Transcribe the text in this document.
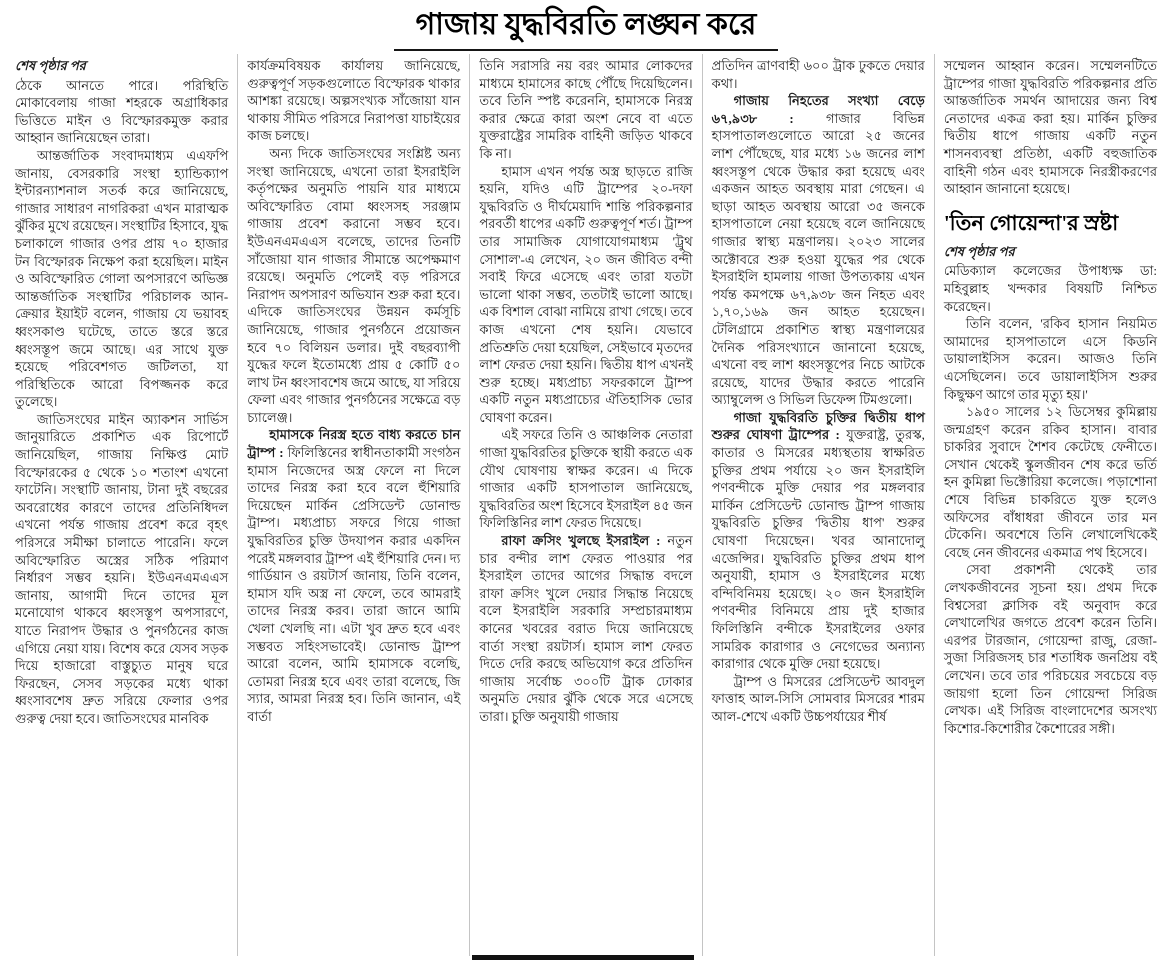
গাজায় যুদ্ধবিরতি লঙ্ঘন করে

শেষ পৃষ্ঠার পর

ঠেকে আনতে পারে। পরিস্থিতি মোকাবেলায় গাজা শহরকে অগ্রাধিকার ভিত্তিতে মাইন ও বিস্ফোরকমুক্ত করার আহ্বান জানিয়েছেন তারা।

আন্তর্জাতিক সংবাদমাধ্যম এএফপি জানায়, বেসরকারি সংস্থা হ্যান্ডিক্যাপ ইন্টারন্যাশনাল সতর্ক করে জানিয়েছে, গাজার সাধারণ নাগরিকরা এখন মারাত্মক ঝুঁকির মুখে রয়েছেন। সংস্থাটির হিসাবে, যুদ্ধ চলাকালে গাজার ওপর প্রায় ৭০ হাজার টন বিস্ফোরক নিক্ষেপ করা হয়েছিল। মাইন ও অবিস্ফোরিত গোলা অপসারণে অভিজ্ঞ আন্তর্জাতিক সংস্থাটির পরিচালক আন-ক্রেয়ার ইয়াইট বলেন, গাজায় যে ভয়াবহ ধ্বংসকাণ্ড ঘটেছে, তাতে স্তরে স্তরে ধ্বংসস্তূপ জমে আছে। এর সাথে যুক্ত হয়েছে পরিবেশগত জটিলতা, যা পরিস্থিতিকে আরো বিপজ্জনক করে তুলেছে।

জাতিসংঘের মাইন অ্যাকশন সার্ভিস জানুয়ারিতে প্রকাশিত এক রিপোর্টে জানিয়েছিল, গাজায় নিক্ষিপ্ত মোট বিস্ফোরকের ৫ থেকে ১০ শতাংশ এখনো ফাটেনি। সংস্থাটি জানায়, টানা দুই বছরের অবরোধের কারণে তাদের প্রতিনিধিদল এখনো পর্যন্ত গাজায় প্রবেশ করে বৃহৎ পরিসরে সমীক্ষা চালাতে পারেনি। ফলে অবিস্ফোরিত অস্ত্রের সঠিক পরিমাণ নির্ধারণ সম্ভব হয়নি। ইউএনএমএএস জানায়, আগামী দিনে তাদের মূল মনোযোগ থাকবে ধ্বংসস্তূপ অপসারণে, যাতে নিরাপদ উদ্ধার ও পুনর্গঠনের কাজ এগিয়ে নেয়া যায়। বিশেষ করে যেসব সড়ক দিয়ে হাজারো বাস্তুচ্যুত মানুষ ঘরে ফিরছেন, সেসব সড়কের মধ্যে থাকা ধ্বংসাবশেষ দ্রুত সরিয়ে ফেলার ওপর গুরুত্ব দেয়া হবে। জাতিসংঘের মানবিক

কার্যক্রমবিষয়ক কার্যালয় জানিয়েছে, গুরুত্বপূর্ণ সড়কগুলোতে বিস্ফোরক থাকার আশঙ্কা রয়েছে। অল্পসংখ্যক সাঁজোয়া যান থাকায় সীমিত পরিসরে নিরাপত্তা যাচাইয়ের কাজ চলছে।

অন্য দিকে জাতিসংঘের সংশ্লিষ্ট অন্য সংস্থা জানিয়েছে, এখনো তারা ইসরাইলি কর্তৃপক্ষের অনুমতি পায়নি যার মাধ্যমে অবিস্ফোরিত বোমা ধ্বংসসহ সরঞ্জাম গাজায় প্রবেশ করানো সম্ভব হবে। ইউএনএমএএস বলেছে, তাদের তিনটি সাঁজোয়া যান গাজার সীমান্তে অপেক্ষমাণ রয়েছে। অনুমতি পেলেই বড় পরিসরে নিরাপদ অপসারণ অভিযান শুরু করা হবে। এদিকে জাতিসংঘের উন্নয়ন কর্মসূচি জানিয়েছে, গাজার পুনর্গঠনে প্রয়োজন হবে ৭০ বিলিয়ন ডলার। দুই বছরব্যাপী যুদ্ধের ফলে ইতোমধ্যে প্রায় ৫ কোটি ৫০ লাখ টন ধ্বংসাবশেষ জমে আছে, যা সরিয়ে ফেলা এবং গাজার পুনর্গঠনের সক্ষেত্রে বড় চ্যালেঞ্জ।

হামাসকে নিরস্ত্র হতে বাধ্য করতে চান ট্রাম্প : ফিলিস্তিনের স্বাধীনতাকামী সংগঠন হামাস নিজেদের অস্ত্র ফেলে না দিলে তাদের নিরস্ত্র করা হবে বলে হুঁশিয়ারি দিয়েছেন মার্কিন প্রেসিডেন্ট ডোনাল্ড ট্রাম্প। মধ্যপ্রাচ্য সফরে গিয়ে গাজা যুদ্ধবিরতির চুক্তি উদযাপন করার একদিন পরেই মঙ্গলবার ট্রাম্প এই হুঁশিয়ারি দেন। দ্য গার্ডিয়ান ও রয়টার্স জানায়, তিনি বলেন, হামাস যদি অস্ত্র না ফেলে, তবে আমরাই তাদের নিরস্ত্র করব। তারা জানে আমি খেলা খেলছি না। এটা খুব দ্রুত হবে এবং সম্ভবত সহিংসভাবেই। ডোনাল্ড ট্রাম্প আরো বলেন, আমি হামাসকে বলেছি, তোমরা নিরস্ত্র হবে এবং তারা বলেছে, জি স্যার, আমরা নিরস্ত্র হব। তিনি জানান, এই বার্তা

তিনি সরাসরি নয় বরং আমার লোকদের মাধ্যমে হামাসের কাছে পৌঁছে দিয়েছিলেন। তবে তিনি স্পষ্ট করেননি, হামাসকে নিরস্ত্র করার ক্ষেত্রে কারা অংশ নেবে বা এতে যুক্তরাষ্ট্রের সামরিক বাহিনী জড়িত থাকবে কি না।

হামাস এখন পর্যন্ত অস্ত্র ছাড়তে রাজি হয়নি, যদিও এটি ট্রাম্পের ২০-দফা যুদ্ধবিরতি ও দীর্ঘমেয়াদি শান্তি পরিকল্পনার পরবর্তী ধাপের একটি গুরুত্বপূর্ণ শর্ত। ট্রাম্প তার সামাজিক যোগাযোগমাধ্যম 'ট্রুথ সোশাল'-এ লেখেন, ২০ জন জীবিত বন্দী সবাই ফিরে এসেছে এবং তারা যতটা ভালো থাকা সম্ভব, ততটাই ভালো আছে। এক বিশাল বোঝা নামিয়ে রাখা গেছে। তবে কাজ এখনো শেষ হয়নি। যেভাবে প্রতিশ্রুতি দেয়া হয়েছিল, সেইভাবে মৃতদের লাশ ফেরত দেয়া হয়নি। দ্বিতীয় ধাপ এখনই শুরু হচ্ছে। মধ্যপ্রাচ্য সফরকালে ট্রাম্প একটি নতুন মধ্যপ্রাচ্যের ঐতিহাসিক ভোর ঘোষণা করেন।

এই সফরে তিনি ও আঞ্চলিক নেতারা গাজা যুদ্ধবিরতির চুক্তিকে স্থায়ী করতে এক যৌথ ঘোষণায় স্বাক্ষর করেন। এ দিকে গাজার একটি হাসপাতাল জানিয়েছে, যুদ্ধবিরতির অংশ হিসেবে ইসরাইল ৪৫ জন ফিলিস্তিনির লাশ ফেরত দিয়েছে।

রাফা ক্রসিং খুলছে ইসরাইল : নতুন চার বন্দীর লাশ ফেরত পাওয়ার পর ইসরাইল তাদের আগের সিদ্ধান্ত বদলে রাফা ক্রসিং খুলে দেয়ার সিদ্ধান্ত নিয়েছে বলে ইসরাইলি সরকারি সম্প্রচারমাধ্যম কানের খবরের বরাত দিয়ে জানিয়েছে বার্তা সংস্থা রয়টার্স। হামাস লাশ ফেরত দিতে দেরি করছে অভিযোগ করে প্রতিদিন গাজায় সর্বোচ্চ ৩০০টি ট্রাক ঢোকার অনুমতি দেয়ার ঝুঁকি থেকে সরে এসেছে তারা। চুক্তি অনুযায়ী গাজায়

প্রতিদিন ত্রাণবাহী ৬০০ ট্রাক ঢুকতে দেয়ার কথা।

গাজায় নিহতের সংখ্যা বেড়ে ৬৭,৯৩৮ : গাজার বিভিন্ন হাসপাতালগুলোতে আরো ২৫ জনের লাশ পৌঁছেছে, যার মধ্যে ১৬ জনের লাশ ধ্বংসস্তূপ থেকে উদ্ধার করা হয়েছে এবং একজন আহত অবস্থায় মারা গেছেন। এ ছাড়া আহত অবস্থায় আরো ৩৫ জনকে হাসপাতালে নেয়া হয়েছে বলে জানিয়েছে গাজার স্বাস্থ্য মন্ত্রণালয়। ২০২৩ সালের অক্টোবরে শুরু হওয়া যুদ্ধের পর থেকে ইসরাইলি হামলায় গাজা উপত্যকায় এখন পর্যন্ত কমপক্ষে ৬৭,৯৩৮ জন নিহত এবং ১,৭০,১৬৯ জন আহত হয়েছেন। টেলিগ্রামে প্রকাশিত স্বাস্থ্য মন্ত্রণালয়ের দৈনিক পরিসংখ্যানে জানানো হয়েছে, এখনো বহু লাশ ধ্বংসস্তূপের নিচে আটকে রয়েছে, যাদের উদ্ধার করতে পারেনি অ্যাম্বুলেন্স ও সিভিল ডিফেন্স টিমগুলো।

গাজা যুদ্ধবিরতি চুক্তির দ্বিতীয় ধাপ শুরুর ঘোষণা ট্রাম্পের : যুক্তরাষ্ট্র, তুরস্ক, কাতার ও মিসরের মধ্যস্থতায় স্বাক্ষরিত চুক্তির প্রথম পর্যায়ে ২০ জন ইসরাইলি পণবন্দীকে মুক্তি দেয়ার পর মঙ্গলবার মার্কিন প্রেসিডেন্ট ডোনাল্ড ট্রাম্প গাজায় যুদ্ধবিরতি চুক্তির 'দ্বিতীয় ধাপ' শুরুর ঘোষণা দিয়েছেন। খবর আনাদোলু এজেন্সির। যুদ্ধবিরতি চুক্তির প্রথম ধাপ অনুযায়ী, হামাস ও ইসরাইলের মধ্যে বন্দিবিনিময় হয়েছে। ২০ জন ইসরাইলি পণবন্দীর বিনিময়ে প্রায় দুই হাজার ফিলিস্তিনি বন্দীকে ইসরাইলের ওফার সামরিক কারাগার ও নেগেভের অন্যান্য কারাগার থেকে মুক্তি দেয়া হয়েছে।

ট্রাম্প ও মিসরের প্রেসিডেন্ট আবদুল ফাত্তাহ আল-সিসি সোমবার মিসরের শারম আল-শেখে একটি উচ্চপর্যায়ের শীর্ষ

সম্মেলন আহ্বান করেন। সম্মেলনটিতে ট্রাম্পের গাজা যুদ্ধবিরতি পরিকল্পনার প্রতি আন্তর্জাতিক সমর্থন আদায়ের জন্য বিশ্ব নেতাদের একত্র করা হয়। মার্কিন চুক্তির দ্বিতীয় ধাপে গাজায় একটি নতুন শাসনব্যবস্থা প্রতিষ্ঠা, একটি বহুজাতিক বাহিনী গঠন এবং হামাসকে নিরস্ত্রীকরণের আহ্বান জানানো হয়েছে।

'তিন গোয়েন্দা'র স্রষ্টা

শেষ পৃষ্ঠার পর

মেডিক্যাল কলেজের উপাধ্যক্ষ ডা: মহিবুল্লাহ খন্দকার বিষয়টি নিশ্চিত করেছেন।

তিনি বলেন, 'রকিব হাসান নিয়মিত আমাদের হাসপাতালে এসে কিডনি ডায়ালাইসিস করেন। আজও তিনি এসেছিলেন। তবে ডায়ালাইসিস শুরুর কিছুক্ষণ আগে তার মৃত্যু হয়।'

১৯৫০ সালের ১২ ডিসেম্বর কুমিল্লায় জন্মগ্রহণ করেন রকিব হাসান। বাবার চাকরির সুবাদে শৈশব কেটেছে ফেনীতে। সেখান থেকেই স্কুলজীবন শেষ করে ভর্তি হন কুমিল্লা ভিক্টোরিয়া কলেজে। পড়াশোনা শেষে বিভিন্ন চাকরিতে যুক্ত হলেও অফিসের বাঁধাধরা জীবনে তার মন টেকেনি। অবশেষে তিনি লেখালেখিকেই বেছে নেন জীবনের একমাত্র পথ হিসেবে।

সেবা প্রকাশনী থেকেই তার লেখকজীবনের সূচনা হয়। প্রথম দিকে বিশ্বসেরা ক্লাসিক বই অনুবাদ করে লেখালেখির জগতে প্রবেশ করেন তিনি। এরপর টারজান, গোয়েন্দা রাজু, রেজা-সুজা সিরিজসহ চার শতাধিক জনপ্রিয় বই লেখেন। তবে তার পরিচয়ের সবচেয়ে বড় জায়গা হলো তিন গোয়েন্দা সিরিজ লেখক। এই সিরিজ বাংলাদেশের অসংখ্য কিশোর-কিশোরীর কৈশোরের সঙ্গী।
